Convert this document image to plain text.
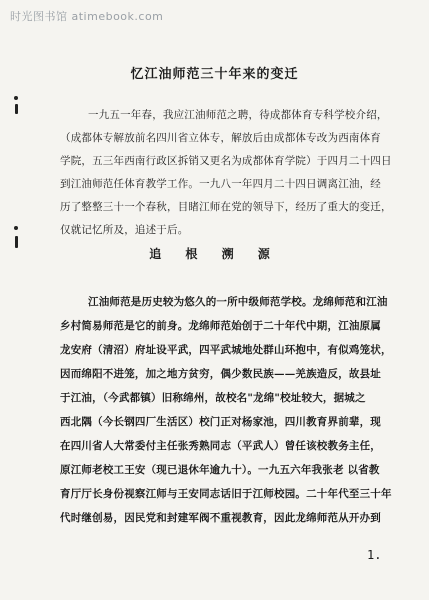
时光图书馆 atimebook.com
忆江油师范三十年来的变迁
一九五一年春，我应江油师范之聘，待成都体育专科学校介绍，
（成都体专解放前名四川省立体专，解放后由成都体专改为西南体育
学院，五三年西南行政区拆销又更名为成都体育学院）于四月二十四日
到江油师范任体育教学工作。一九八一年四月二十四日调离江油，经
历了整整三十一个春秋，目睹江师在党的领导下，经历了重大的变迁，
仅就记忆所及，追述于后。
追 根 溯 源
江油师范是历史较为悠久的一所中级师范学校。龙绵师范和江油
乡村简易师范是它的前身。龙绵师范始创于二十年代中期，江油原属
龙安府（清沼）府址设平武，四平武城地处群山环抱中，有似鸡笼状，
因而绵阳不进笼，加之地方贫穷，偶少数民族——羌族造反，故县址
于江油，（今武都镇）旧称绵州，故校名"龙绵"校址较大，据城之
西北隅（今长钢四厂生活区）校门正对杨家池，四川教育界前辈，现
在四川省人大常委付主任张秀熟同志（平武人）曾任该校教务主任，
原江师老校工王安（现已退休年逾九十）。一九五六年我张老 以省教
育厅厅长身份视察江师与王安同志话旧于江师校园。二十年代至三十年
代时继创易，因民党和封建军阀不重视教育，因此龙绵师范从开办到
1.
